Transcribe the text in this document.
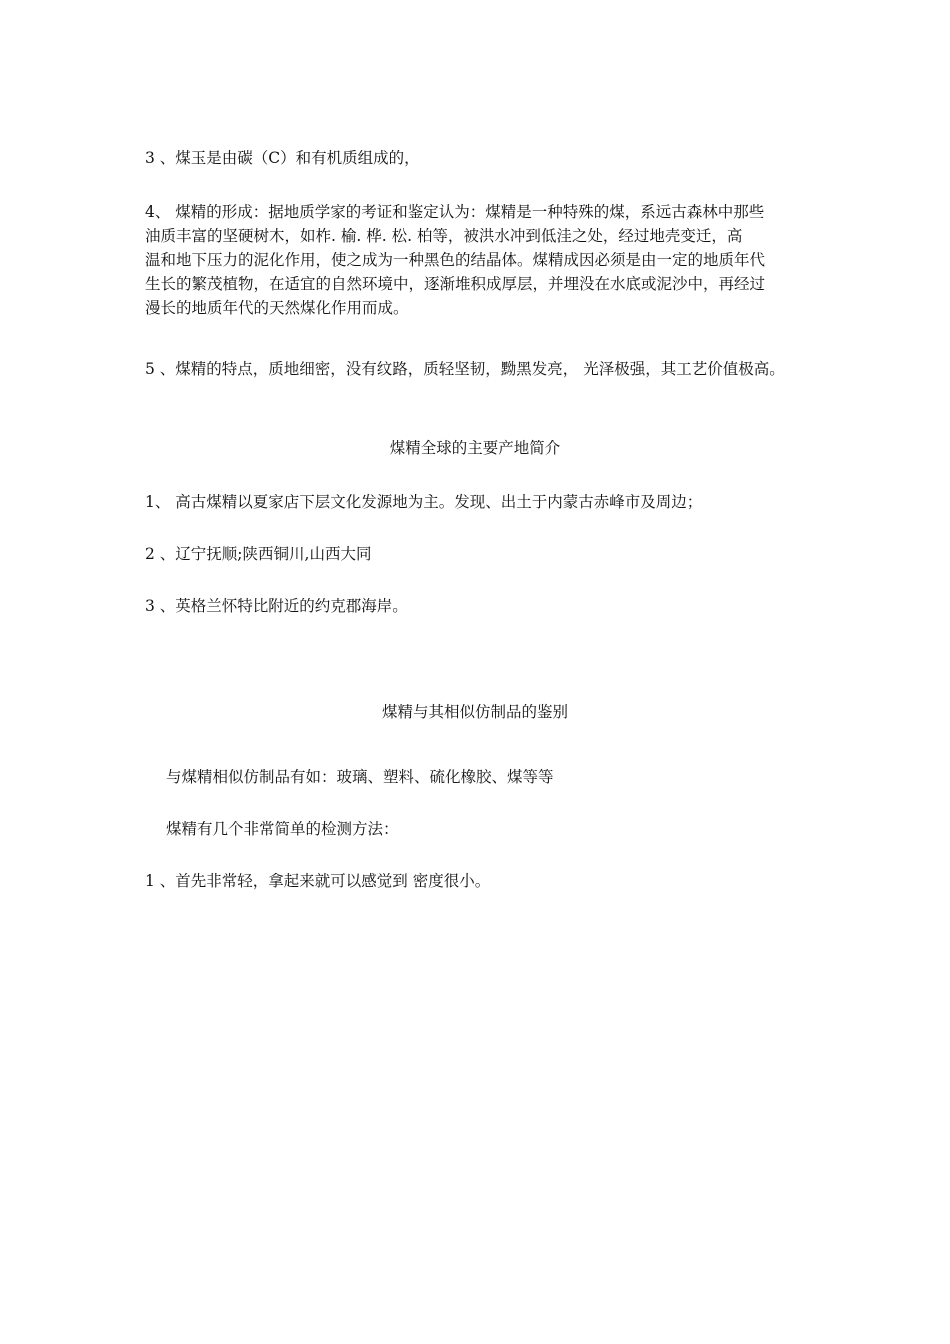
3 、煤玉是由碳（C）和有机质组成的，
4、 煤精的形成：据地质学家的考证和鉴定认为：煤精是一种特殊的煤，系远古森林中那些
油质丰富的坚硬树木，如柞. 榆. 桦. 松. 柏等，被洪水冲到低洼之处，经过地壳变迁，高
温和地下压力的泥化作用，使之成为一种黑色的结晶体。煤精成因必须是由一定的地质年代
生长的繁茂植物，在适宜的自然环境中，逐渐堆积成厚层，并埋没在水底或泥沙中，再经过
漫长的地质年代的天然煤化作用而成。
5 、煤精的特点，质地细密，没有纹路，质轻坚韧，黝黑发亮， 光泽极强，其工艺价值极高。
煤精全球的主要产地简介
1、 高古煤精以夏家店下层文化发源地为主。发现、出土于内蒙古赤峰市及周边；
2 、辽宁抚顺;陕西铜川,山西大同
3 、英格兰怀特比附近的约克郡海岸。
煤精与其相似仿制品的鉴别
与煤精相似仿制品有如：玻璃、塑料、硫化橡胶、煤等等
煤精有几个非常简单的检测方法：
1 、首先非常轻，拿起来就可以感觉到 密度很小。
